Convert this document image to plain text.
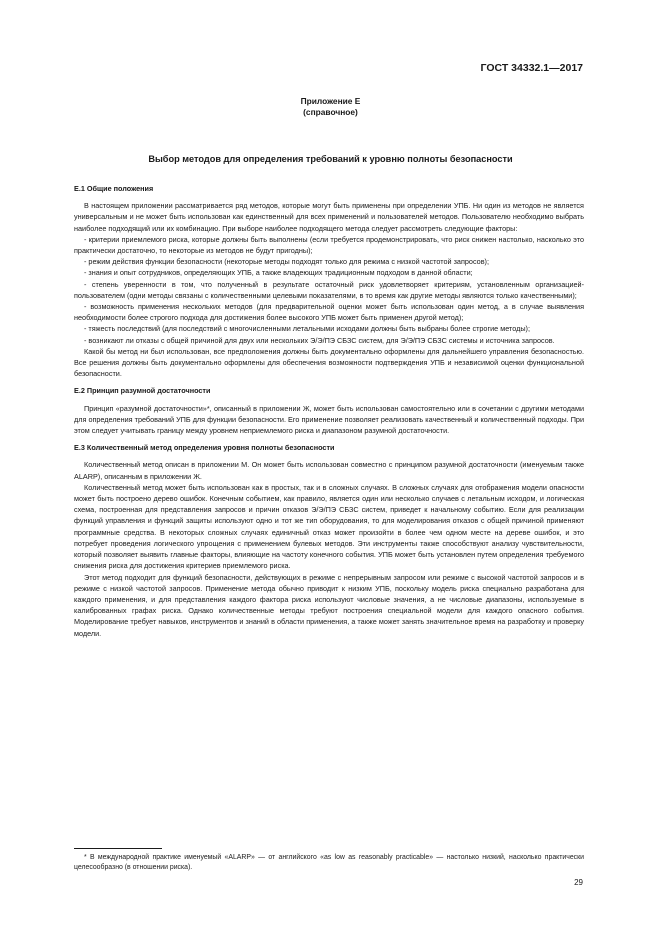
ГОСТ 34332.1—2017
Приложение Е
(справочное)
Выбор методов для определения требований к уровню полноты безопасности
Е.1 Общие положения

В настоящем приложении рассматривается ряд методов, которые могут быть применены при определении УПБ. Ни один из методов не является универсальным и не может быть использован как единственный для всех применений и пользователей методов. Пользователю необходимо выбрать наиболее подходящий или их комбинацию. При выборе наиболее подходящего метода следует рассмотреть следующие факторы:

- критерии приемлемого риска, которые должны быть выполнены (если требуется продемонстрировать, что риск снижен настолько, насколько это практически достаточно, то некоторые из методов не будут пригодны);

- режим действия функции безопасности (некоторые методы подходят только для режима с низкой частотой запросов);

- знания и опыт сотрудников, определяющих УПБ, а также владеющих традиционным подходом в данной области;

- степень уверенности в том, что полученный в результате остаточный риск удовлетворяет критериям, установленным организацией-пользователем (одни методы связаны с количественными целевыми показателями, в то время как другие методы являются только качественными);

- возможность применения нескольких методов (для предварительной оценки может быть использован один метод, а в случае выявления необходимости более строгого подхода для достижения более высокого УПБ может быть применен другой метод);

- тяжесть последствий (для последствий с многочисленными летальными исходами должны быть выбраны более строгие методы);

- возникают ли отказы с общей причиной для двух или нескольких Э/Э/ПЭ СБЗС систем, для Э/Э/ПЭ СБЗС системы и источника запросов.

Какой бы метод ни был использован, все предположения должны быть документально оформлены для дальнейшего управления безопасностью. Все решения должны быть документально оформлены для обеспечения возможности подтверждения УПБ и независимой оценки функциональной безопасности.

Е.2 Принцип разумной достаточности

Принцип «разумной достаточности»*, описанный в приложении Ж, может быть использован самостоятельно или в сочетании с другими методами для определения требований УПБ для функции безопасности. Его применение позволяет реализовать качественный и количественный подходы. При этом следует учитывать границу между уровнем неприемлемого риска и диапазоном разумной достаточности.

Е.3 Количественный метод определения уровня полноты безопасности

Количественный метод описан в приложении М. Он может быть использован совместно с принципом разумной достаточности (именуемым также ALARP), описанным в приложении Ж.

Количественный метод может быть использован как в простых, так и в сложных случаях. В сложных случаях для отображения модели опасности может быть построено дерево ошибок. Конечным событием, как правило, является один или несколько случаев с летальным исходом, и логическая схема, построенная для представления запросов и причин отказов Э/Э/ПЭ СБЗС систем, приведет к начальному событию. Если для реализации функций управления и функций защиты используют одно и тот же тип оборудования, то для моделирования отказов с общей причиной применяют программные средства. В некоторых сложных случаях единичный отказ может произойти в более чем одном месте на дереве ошибок, и это потребует проведения логического упрощения с применением булевых методов. Эти инструменты также способствуют анализу чувствительности, который позволяет выявить главные факторы, влияющие на частоту конечного события. УПБ может быть установлен путем определения требуемого снижения риска для достижения критериев приемлемого риска.

Этот метод подходит для функций безопасности, действующих в режиме с непрерывным запросом или режиме с высокой частотой запросов и в режиме с низкой частотой запросов. Применение метода обычно приводит к низким УПБ, поскольку модель риска специально разработана для каждого применения, и для представления каждого фактора риска используют числовые значения, а не числовые диапазоны, используемые в калиброванных графах риска. Однако количественные методы требуют построения специальной модели для каждого опасного события. Моделирование требует навыков, инструментов и знаний в области применения, а также может занять значительное время на разработку и проверку модели.

* В международной практике именуемый «ALARP» — от английского «as low as reasonably practicable» — настолько низкий, насколько практически целесообразно (в отношении риска).
29
